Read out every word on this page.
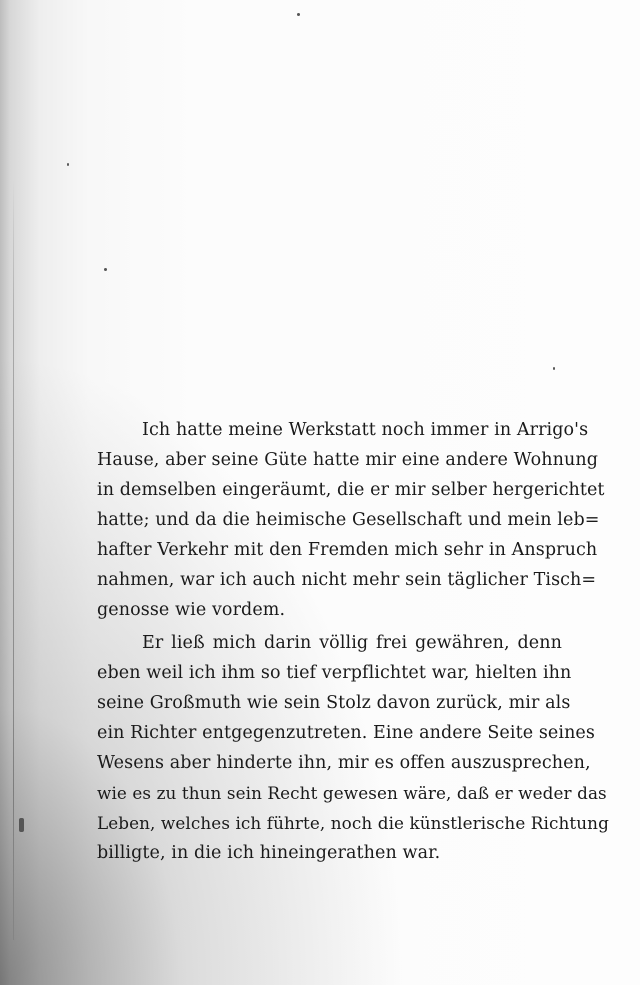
Ich hatte meine Werkstatt noch immer in Arrigo's
Hause, aber seine Güte hatte mir eine andere Wohnung
in demselben eingeräumt, die er mir selber hergerichtet
hatte; und da die heimische Gesellschaft und mein leb=
hafter Verkehr mit den Fremden mich sehr in Anspruch
nahmen, war ich auch nicht mehr sein täglicher Tisch=
genosse wie vordem.
Er ließ mich darin völlig frei gewähren, denn
eben weil ich ihm so tief verpflichtet war, hielten ihn
seine Großmuth wie sein Stolz davon zurück, mir als
ein Richter entgegenzutreten. Eine andere Seite seines
Wesens aber hinderte ihn, mir es offen auszusprechen,
wie es zu thun sein Recht gewesen wäre, daß er weder das
Leben, welches ich führte, noch die künstlerische Richtung
billigte, in die ich hineingerathen war.
